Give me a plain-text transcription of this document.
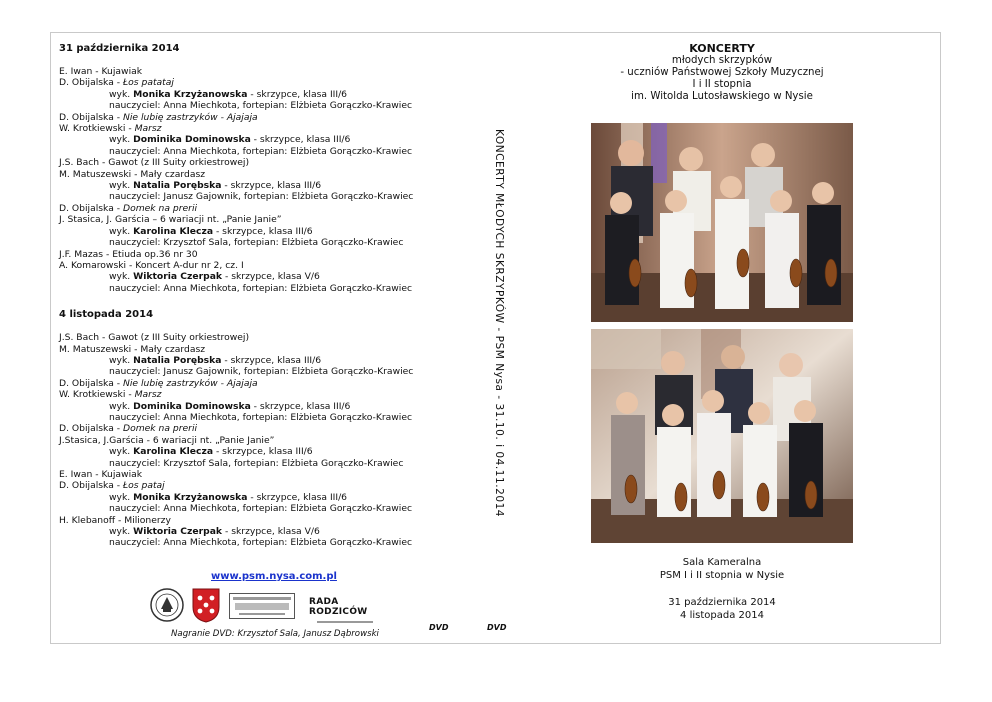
31 października 2014
E. Iwan - Kujawiak
D. Obijalska - Łos patataj
wyk. Monika Krzyżanowska - skrzypce, klasa III/6
nauczyciel: Anna Miechkota, fortepian: Elżbieta Gorączko-Krawiec
D. Obijalska - Nie lubię zastrzyków - Ajajaja
W. Krotkiewski - Marsz
wyk. Dominika Dominowska - skrzypce, klasa III/6
nauczyciel: Anna Miechkota, fortepian: Elżbieta Gorączko-Krawiec
J.S. Bach - Gawot (z III Suity orkiestrowej)
M. Matuszewski - Mały czardasz
wyk. Natalia Porębska - skrzypce, klasa III/6
nauczyciel: Janusz Gajownik, fortepian: Elżbieta Gorączko-Krawiec
D. Obijalska - Domek na prerii
J. Stasica, J. Garścia – 6 wariacji nt. „Panie Janie”
wyk. Karolina Klecza - skrzypce, klasa III/6
nauczyciel: Krzysztof Sala, fortepian: Elżbieta Gorączko-Krawiec
J.F. Mazas - Etiuda op.36 nr 30
A. Komarowski - Koncert A-dur nr 2, cz. I
wyk. Wiktoria Czerpak - skrzypce, klasa V/6
nauczyciel: Anna Miechkota, fortepian: Elżbieta Gorączko-Krawiec
4 listopada 2014
J.S. Bach - Gawot (z III Suity orkiestrowej)
M. Matuszewski - Mały czardasz
wyk. Natalia Porębska - skrzypce, klasa III/6
nauczyciel: Janusz Gajownik, fortepian: Elżbieta Gorączko-Krawiec
D. Obijalska - Nie lubię zastrzyków - Ajajaja
W. Krotkiewski - Marsz
wyk. Dominika Dominowska - skrzypce, klasa III/6
nauczyciel: Anna Miechkota, fortepian: Elżbieta Gorączko-Krawiec
D. Obijalska - Domek na prerii
J.Stasica, J.Garścia - 6 wariacji nt. „Panie Janie”
wyk. Karolina Klecza - skrzypce, klasa III/6
nauczyciel: Krzysztof Sala, fortepian: Elżbieta Gorączko-Krawiec
E. Iwan - Kujawiak
D. Obijalska - Łos pataj
wyk. Monika Krzyżanowska - skrzypce, klasa III/6
nauczyciel: Anna Miechkota, fortepian: Elżbieta Gorączko-Krawiec
H. Klebanoff - Milionerzy
wyk. Wiktoria Czerpak - skrzypce, klasa V/6
nauczyciel: Anna Miechkota, fortepian: Elżbieta Gorączko-Krawiec
www.psm.nysa.com.pl
RADA RODZICÓW
Nagranie DVD: Krzysztof Sala, Janusz Dąbrowski
DVD	DVD
KONCERTY MŁODYCH SKRZYPKÓW - PSM Nysa - 31.10. i 04.11.2014
KONCERTY
młodych skrzypków
- uczniów Państwowej Szkoły Muzycznej
I i II stopnia
im. Witolda Lutosławskiego w Nysie
Sala Kameralna
PSM I i II stopnia w Nysie
31 października 2014
4 listopada 2014
